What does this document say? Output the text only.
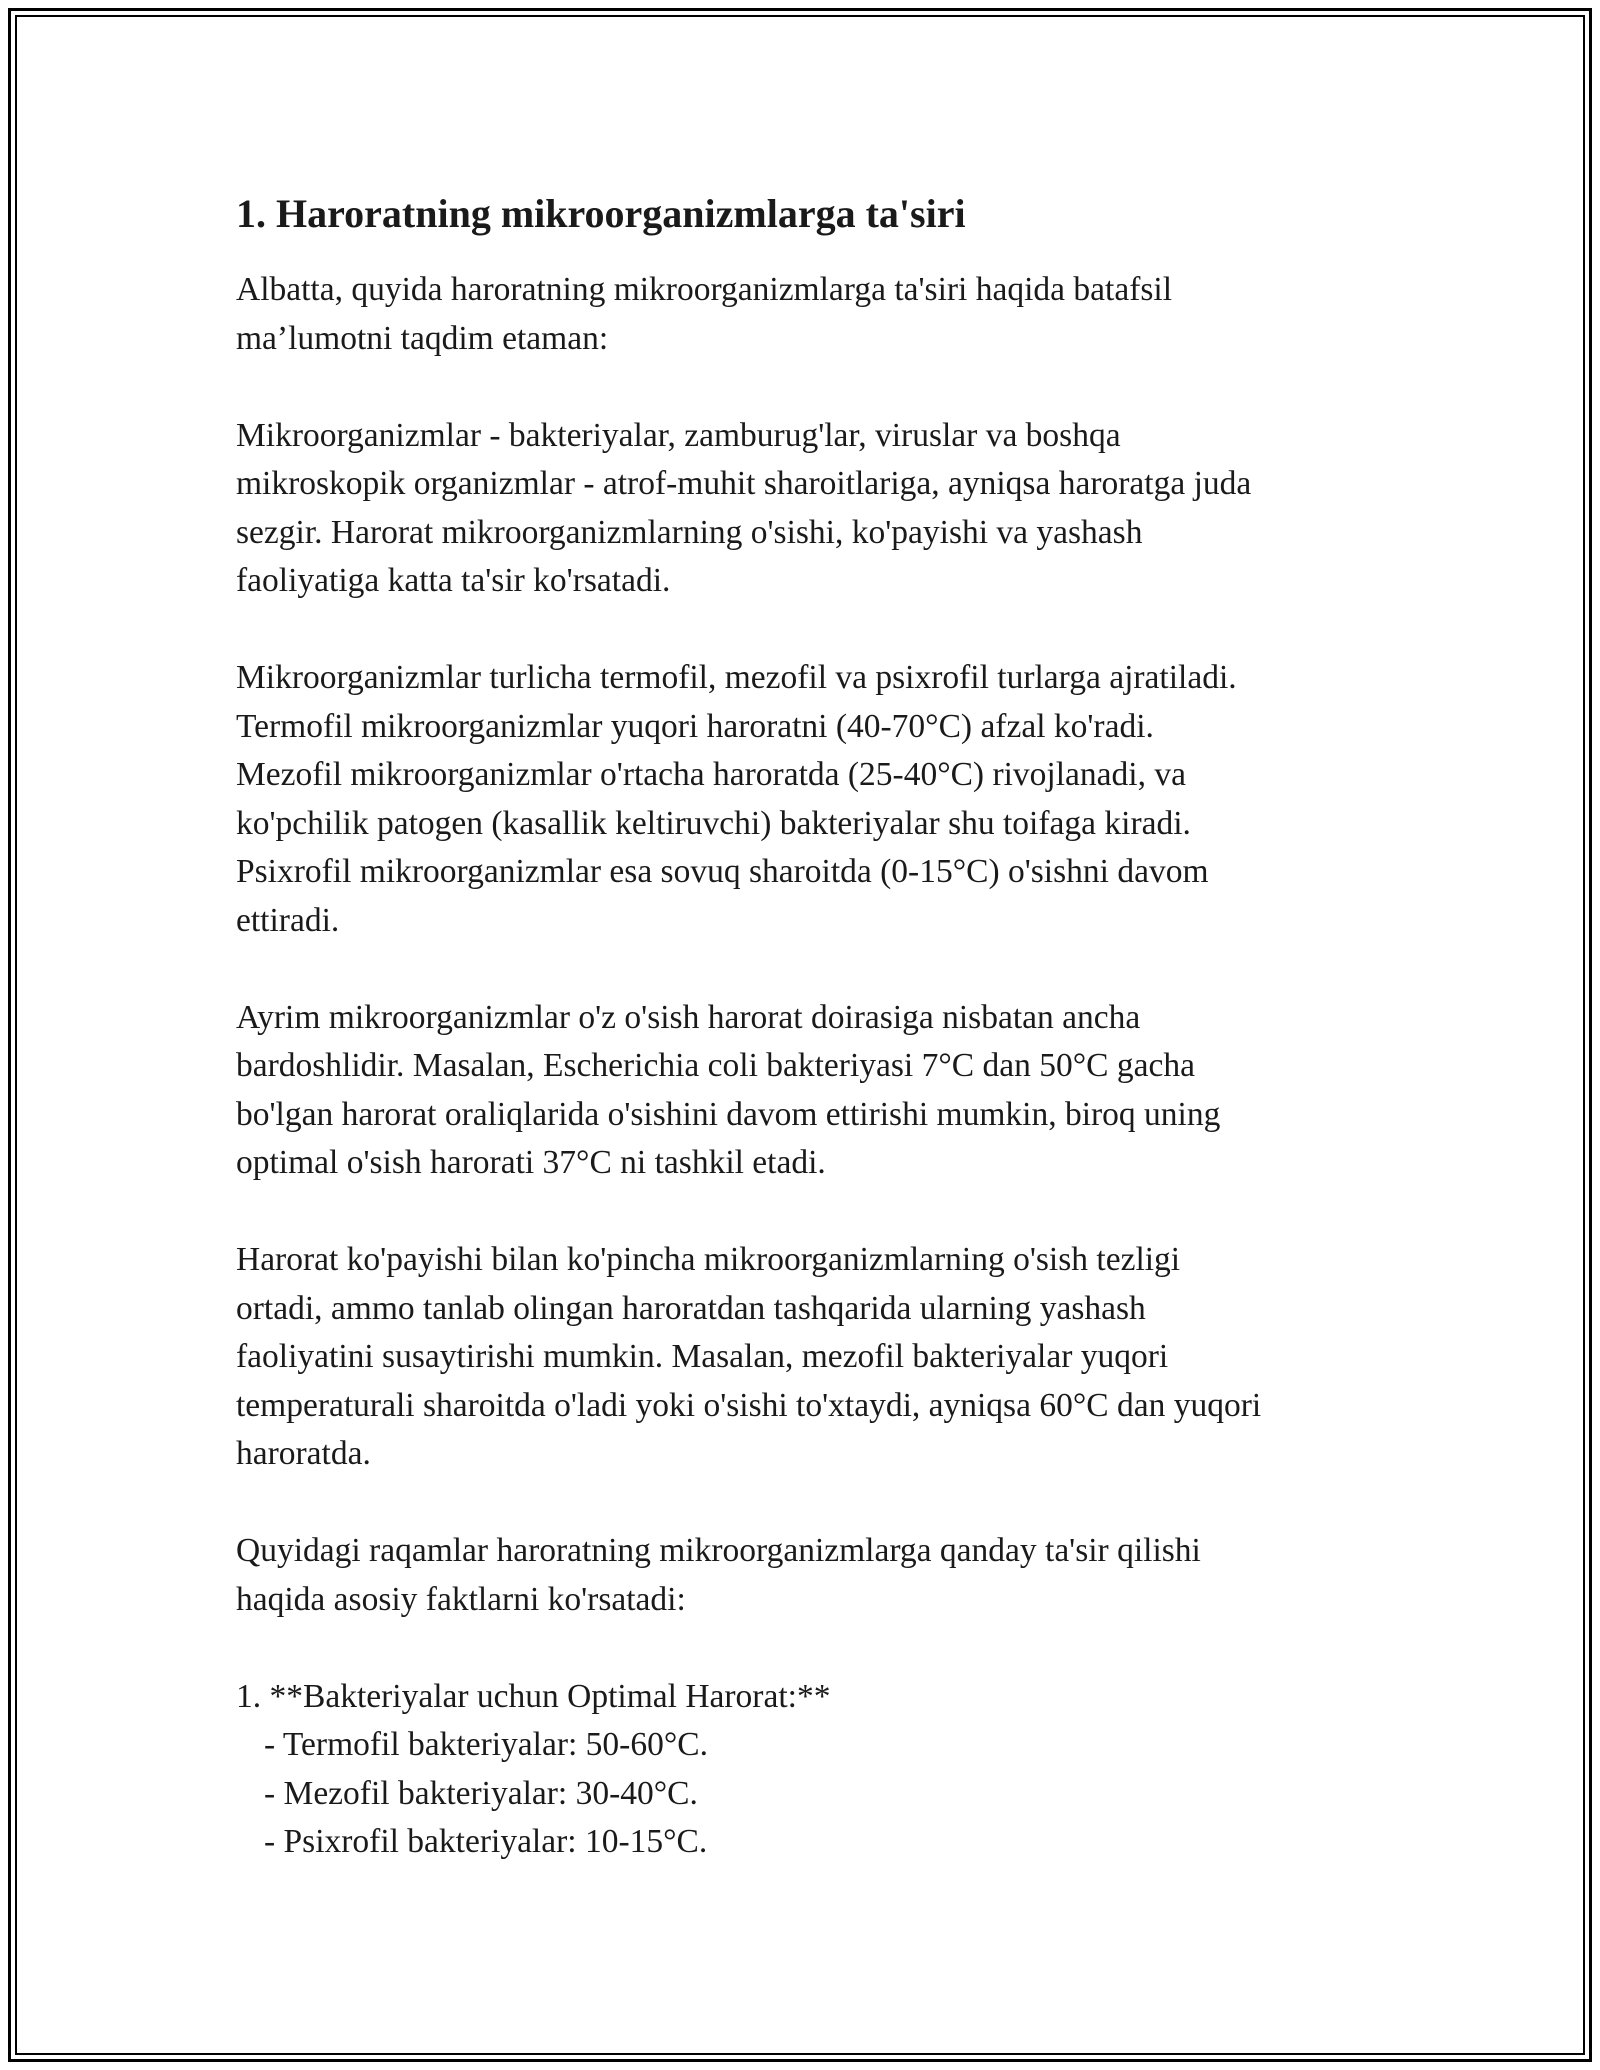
1. Haroratning mikroorganizmlarga ta'siri

Albatta, quyida haroratning mikroorganizmlarga ta'siri haqida batafsil
ma’lumotni taqdim etaman:

Mikroorganizmlar - bakteriyalar, zamburug'lar, viruslar va boshqa
mikroskopik organizmlar - atrof-muhit sharoitlariga, ayniqsa haroratga juda
sezgir. Harorat mikroorganizmlarning o'sishi, ko'payishi va yashash
faoliyatiga katta ta'sir ko'rsatadi.

Mikroorganizmlar turlicha termofil, mezofil va psixrofil turlarga ajratiladi.
Termofil mikroorganizmlar yuqori haroratni (40-70°C) afzal ko'radi.
Mezofil mikroorganizmlar o'rtacha haroratda (25-40°C) rivojlanadi, va
ko'pchilik patogen (kasallik keltiruvchi) bakteriyalar shu toifaga kiradi.
Psixrofil mikroorganizmlar esa sovuq sharoitda (0-15°C) o'sishni davom
ettiradi.

Ayrim mikroorganizmlar o'z o'sish harorat doirasiga nisbatan ancha
bardoshlidir. Masalan, Escherichia coli bakteriyasi 7°C dan 50°C gacha
bo'lgan harorat oraliqlarida o'sishini davom ettirishi mumkin, biroq uning
optimal o'sish harorati 37°C ni tashkil etadi.

Harorat ko'payishi bilan ko'pincha mikroorganizmlarning o'sish tezligi
ortadi, ammo tanlab olingan haroratdan tashqarida ularning yashash
faoliyatini susaytirishi mumkin. Masalan, mezofil bakteriyalar yuqori
temperaturali sharoitda o'ladi yoki o'sishi to'xtaydi, ayniqsa 60°C dan yuqori
haroratda.

Quyidagi raqamlar haroratning mikroorganizmlarga qanday ta'sir qilishi
haqida asosiy faktlarni ko'rsatadi:

1. **Bakteriyalar uchun Optimal Harorat:**
- Termofil bakteriyalar: 50-60°C.
- Mezofil bakteriyalar: 30-40°C.
- Psixrofil bakteriyalar: 10-15°C.
